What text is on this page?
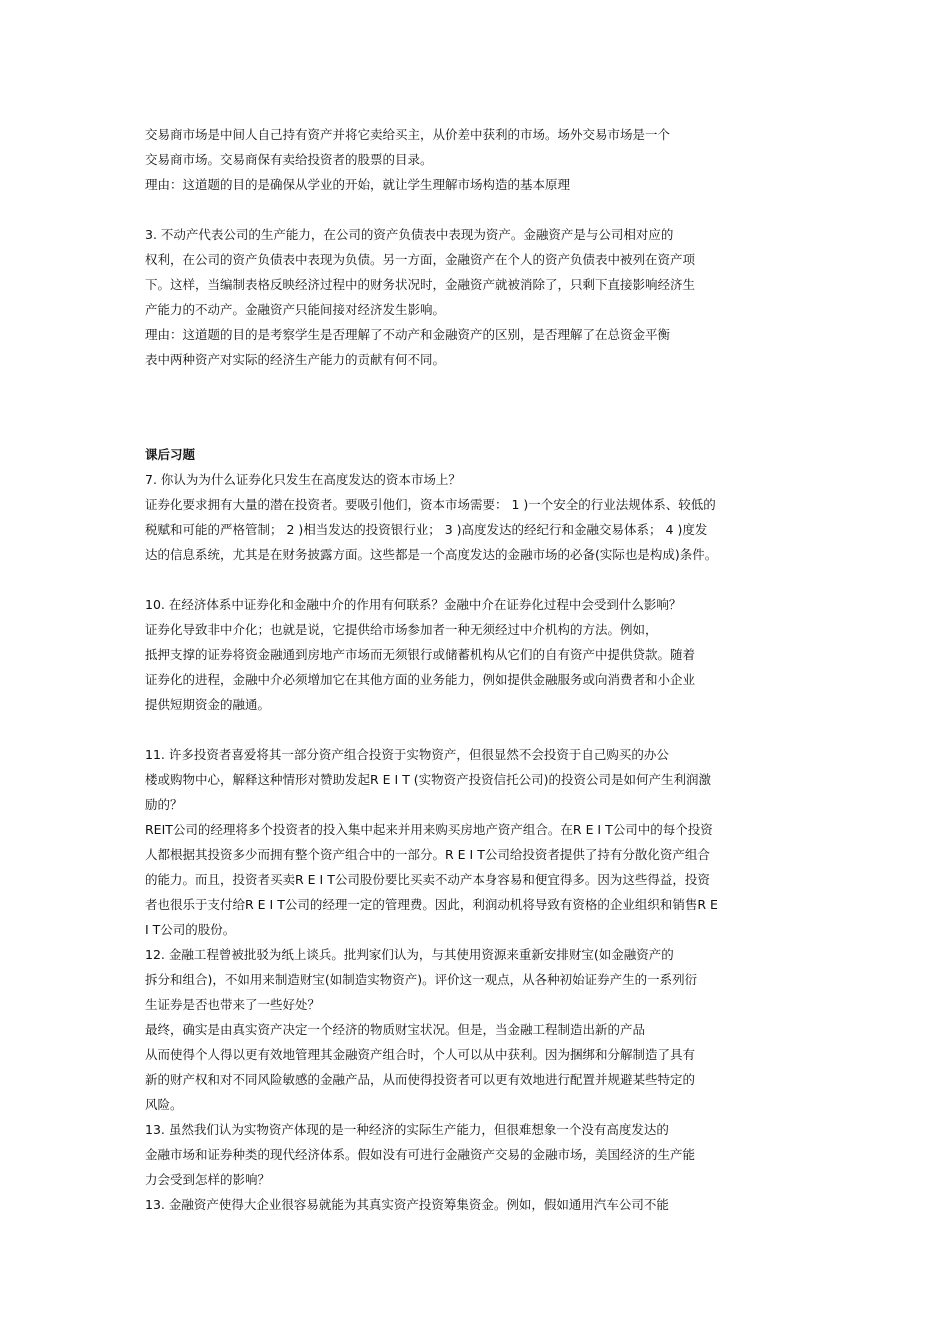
交易商市场是中间人自己持有资产并将它卖给买主，从价差中获利的市场。场外交易市场是一个
交易商市场。交易商保有卖给投资者的股票的目录。
理由：这道题的目的是确保从学业的开始，就让学生理解市场构造的基本原理
3. 不动产代表公司的生产能力，在公司的资产负债表中表现为资产。金融资产是与公司相对应的
权利，在公司的资产负债表中表现为负债。另一方面，金融资产在个人的资产负债表中被列在资产项
下。这样，当编制表格反映经济过程中的财务状况时，金融资产就被消除了，只剩下直接影响经济生
产能力的不动产。金融资产只能间接对经济发生影响。
理由：这道题的目的是考察学生是否理解了不动产和金融资产的区别，是否理解了在总资金平衡
表中两种资产对实际的经济生产能力的贡献有何不同。
课后习题
7. 你认为为什么证券化只发生在高度发达的资本市场上？
证券化要求拥有大量的潜在投资者。要吸引他们，资本市场需要： 1 )一个安全的行业法规体系、较低的
税赋和可能的严格管制； 2 )相当发达的投资银行业； 3 )高度发达的经纪行和金融交易体系； 4 )度发
达的信息系统，尤其是在财务披露方面。这些都是一个高度发达的金融市场的必备(实际也是构成)条件。
10. 在经济体系中证券化和金融中介的作用有何联系？金融中介在证券化过程中会受到什么影响？
证券化导致非中介化；也就是说，它提供给市场参加者一种无须经过中介机构的方法。例如，
抵押支撑的证券将资金融通到房地产市场而无须银行或储蓄机构从它们的自有资产中提供贷款。随着
证券化的进程，金融中介必须增加它在其他方面的业务能力，例如提供金融服务或向消费者和小企业
提供短期资金的融通。
11. 许多投资者喜爱将其一部分资产组合投资于实物资产，但很显然不会投资于自己购买的办公
楼或购物中心，解释这种情形对赞助发起R E I T (实物资产投资信托公司)的投资公司是如何产生利润激
励的？
REIT公司的经理将多个投资者的投入集中起来并用来购买房地产资产组合。在R E I T公司中的每个投资
人都根据其投资多少而拥有整个资产组合中的一部分。R E I T公司给投资者提供了持有分散化资产组合
的能力。而且，投资者买卖R E I T公司股份要比买卖不动产本身容易和便宜得多。因为这些得益，投资
者也很乐于支付给R E I T公司的经理一定的管理费。因此，利润动机将导致有资格的企业组织和销售R E
I T公司的股份。
12. 金融工程曾被批驳为纸上谈兵。批判家们认为，与其使用资源来重新安排财宝(如金融资产的
拆分和组合)，不如用来制造财宝(如制造实物资产)。评价这一观点，从各种初始证券产生的一系列衍
生证券是否也带来了一些好处？
最终，确实是由真实资产决定一个经济的物质财宝状况。但是，当金融工程制造出新的产品
从而使得个人得以更有效地管理其金融资产组合时，个人可以从中获利。因为捆绑和分解制造了具有
新的财产权和对不同风险敏感的金融产品，从而使得投资者可以更有效地进行配置并规避某些特定的
风险。
13. 虽然我们认为实物资产体现的是一种经济的实际生产能力，但很难想象一个没有高度发达的
金融市场和证券种类的现代经济体系。假如没有可进行金融资产交易的金融市场，美国经济的生产能
力会受到怎样的影响？
13. 金融资产使得大企业很容易就能为其真实资产投资筹集资金。例如，假如通用汽车公司不能
